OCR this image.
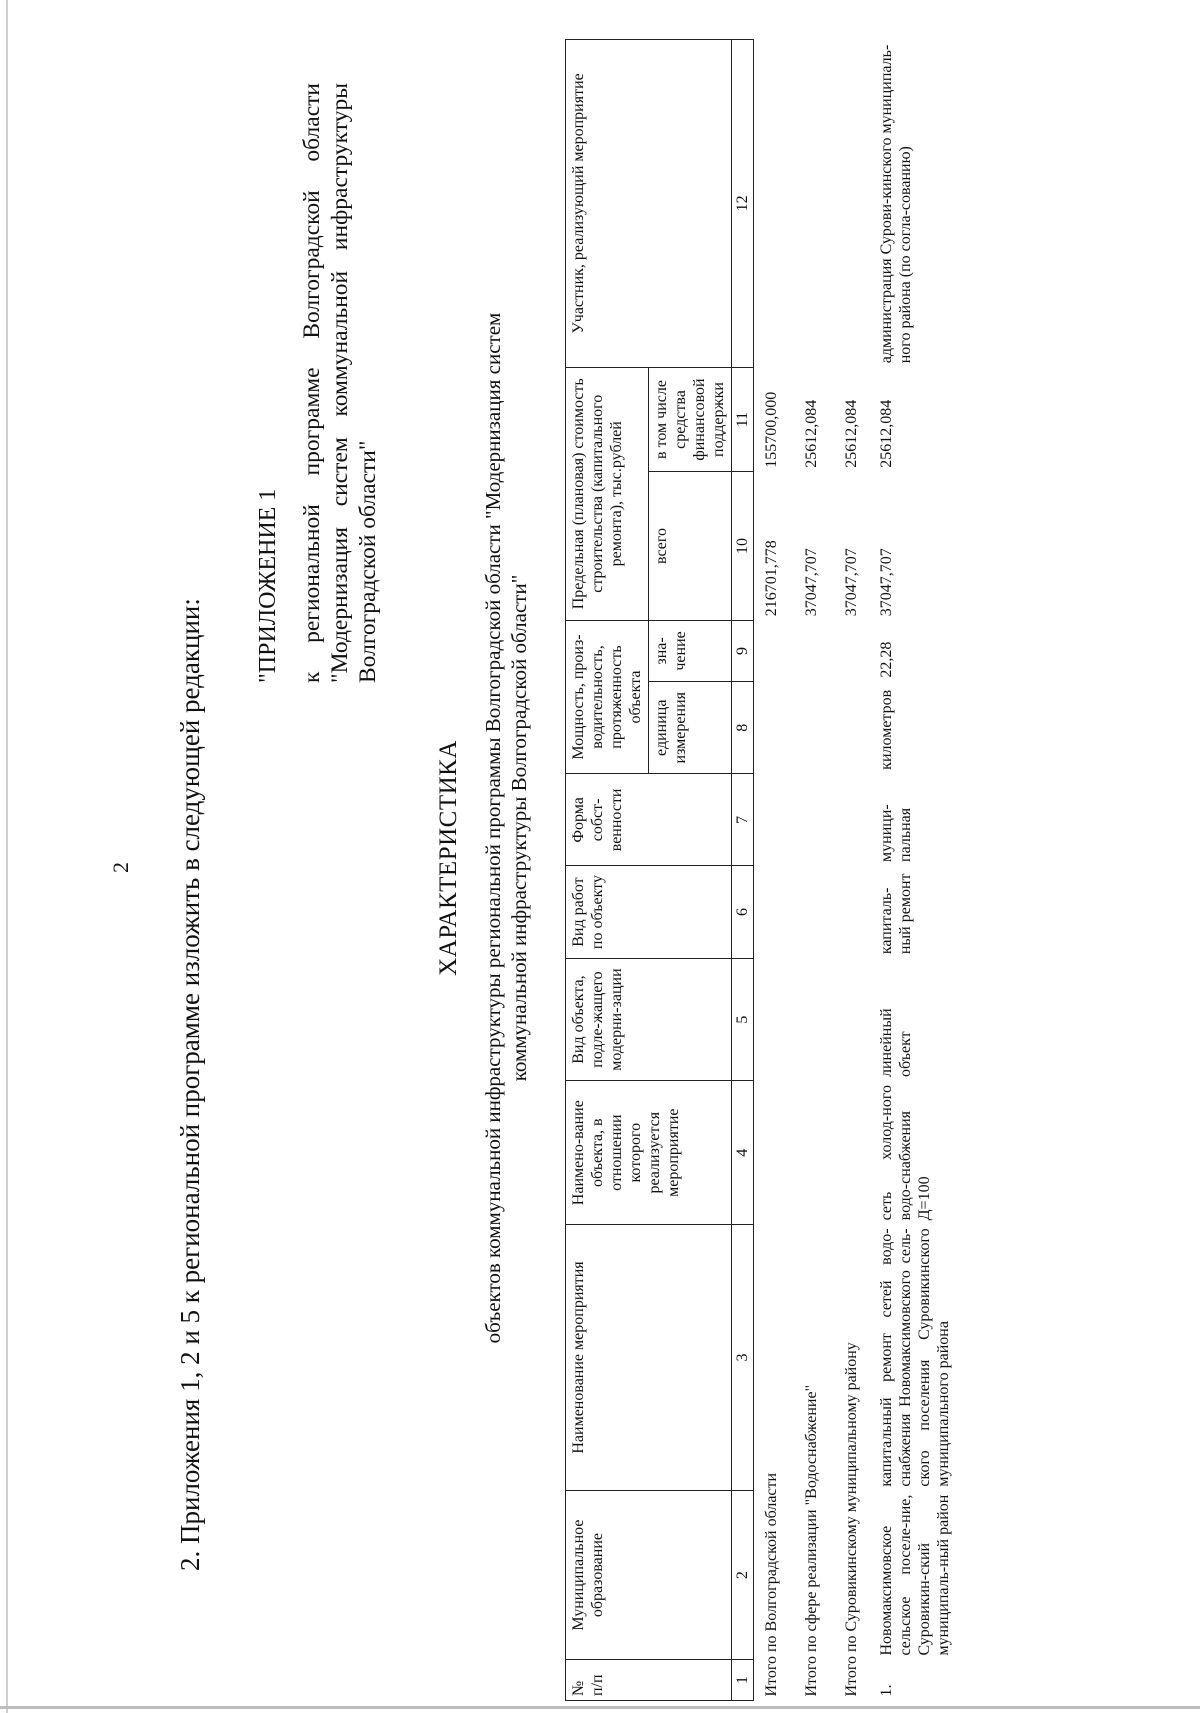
2 2. Приложения 1, 2 и 5 к региональной программе изложить в следующей редакции:
"ПРИЛОЖЕНИЕ 1 к региональной программе Волгоградской области "Модернизация систем коммунальной инфраструктуры Волгоградской области"
ХАРАКТЕРИСТИКА объектов коммунальной инфраструктуры региональной программы Волгоградской области "Модернизация систем коммунальной инфраструктуры Волгоградской области"
№ п/п	Муниципальное образование	Наименование мероприятия	Наимено-вание объекта, в отношении которого реализуется мероприятие	Вид объекта, подле-жащего модерни-зации	Вид работ по объекту	Форма собст-венности	Мощность, произ-водительность, протяженность объекта		Предельная (плановая) стоимость строительства (капитального ремонта), тыс.рублей		Участник, реализующий мероприятие
							единица измерения	зна-чение	всего	в том числе средства финансовой поддержки	
1	2	3	4	5	6	7	8	9	10	11	12
Итого по Волгоградской области									216701,778	155700,000	
Итого по сфере реализации "Водоснабжение"									37047,707	25612,084	
Итого по Суровикинскому муниципальному району									37047,707	25612,084	
1.	Новомаксимовское сельское поселе-ние, Суровикин-ский муниципаль-ный район	капитальный ремонт сетей водо-снабжения Новомаксимовского сель-ского поселения Суровикинского муниципального района	сеть холод-ного водо-снабжения Д=100	линейный объект	капиталь-ный ремонт	муници-пальная	километров	22,28	37047,707	25612,084	администрация Сурови-кинского муниципаль-ного района (по согла-сованию)
